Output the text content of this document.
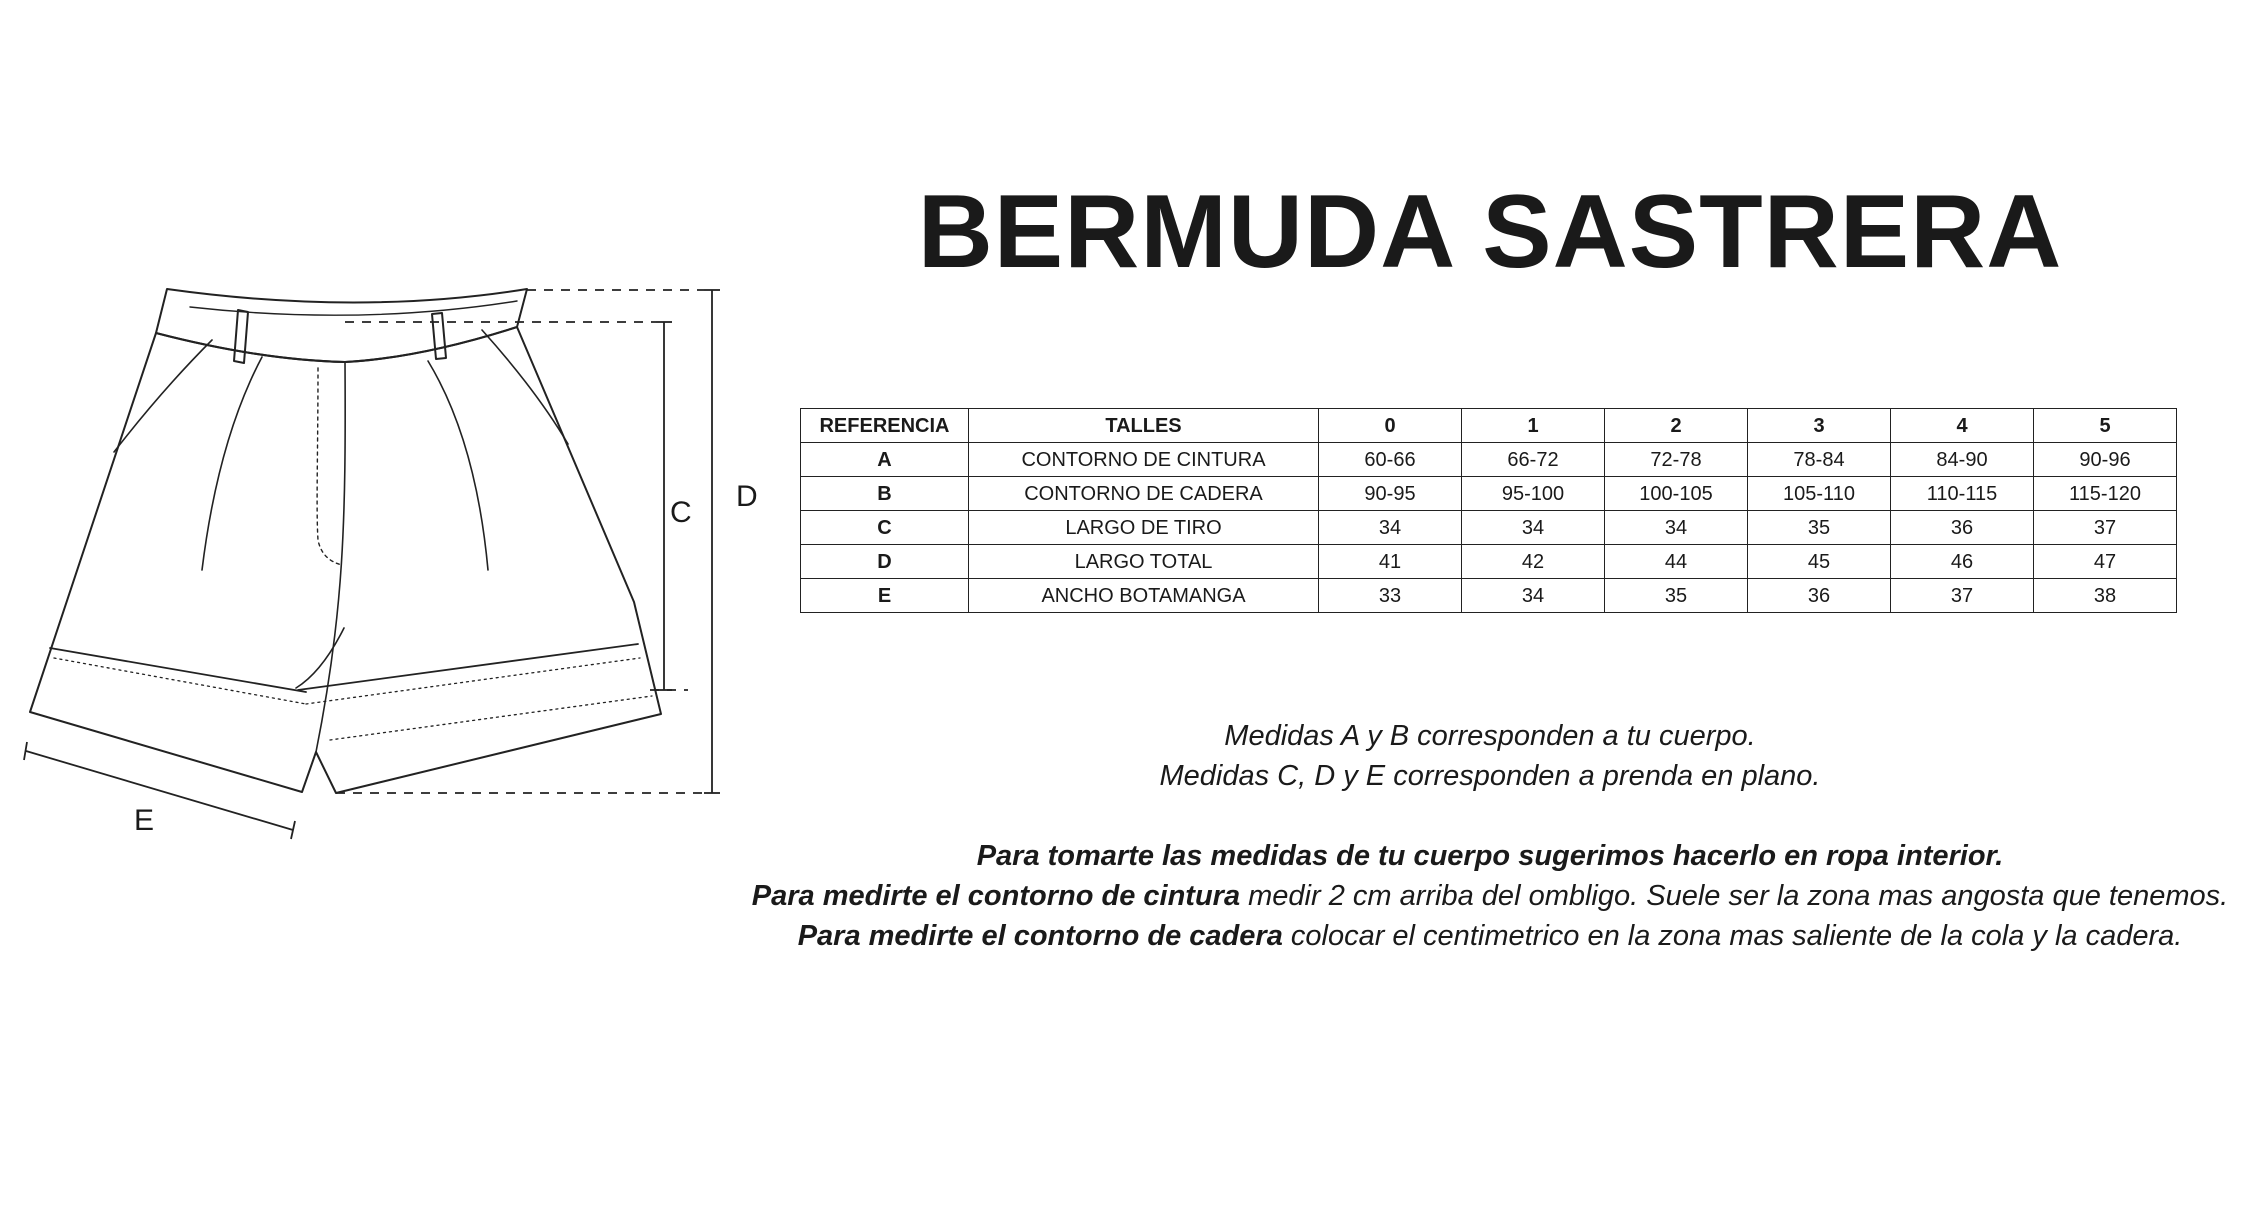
C D
E
BERMUDA SASTRERA
REFERENCIA	TALLES	0	1	2	3	4	5
A	CONTORNO DE CINTURA	60-66	66-72	72-78	78-84	84-90	90-96
B	CONTORNO DE CADERA	90-95	95-100	100-105	105-110	110-115	115-120
C	LARGO DE TIRO	34	34	34	35	36	37
D	LARGO TOTAL	41	42	44	45	46	47
E	ANCHO BOTAMANGA	33	34	35	36	37	38

Medidas A y B corresponden a tu cuerpo.

Medidas C, D y E corresponden a prenda en plano.

Para tomarte las medidas de tu cuerpo sugerimos hacerlo en ropa interior.

Para medirte el contorno de cintura medir 2 cm arriba del ombligo. Suele ser la zona mas angosta que tenemos.

Para medirte el contorno de cadera colocar el centimetrico en la zona mas saliente de la cola y la cadera.
